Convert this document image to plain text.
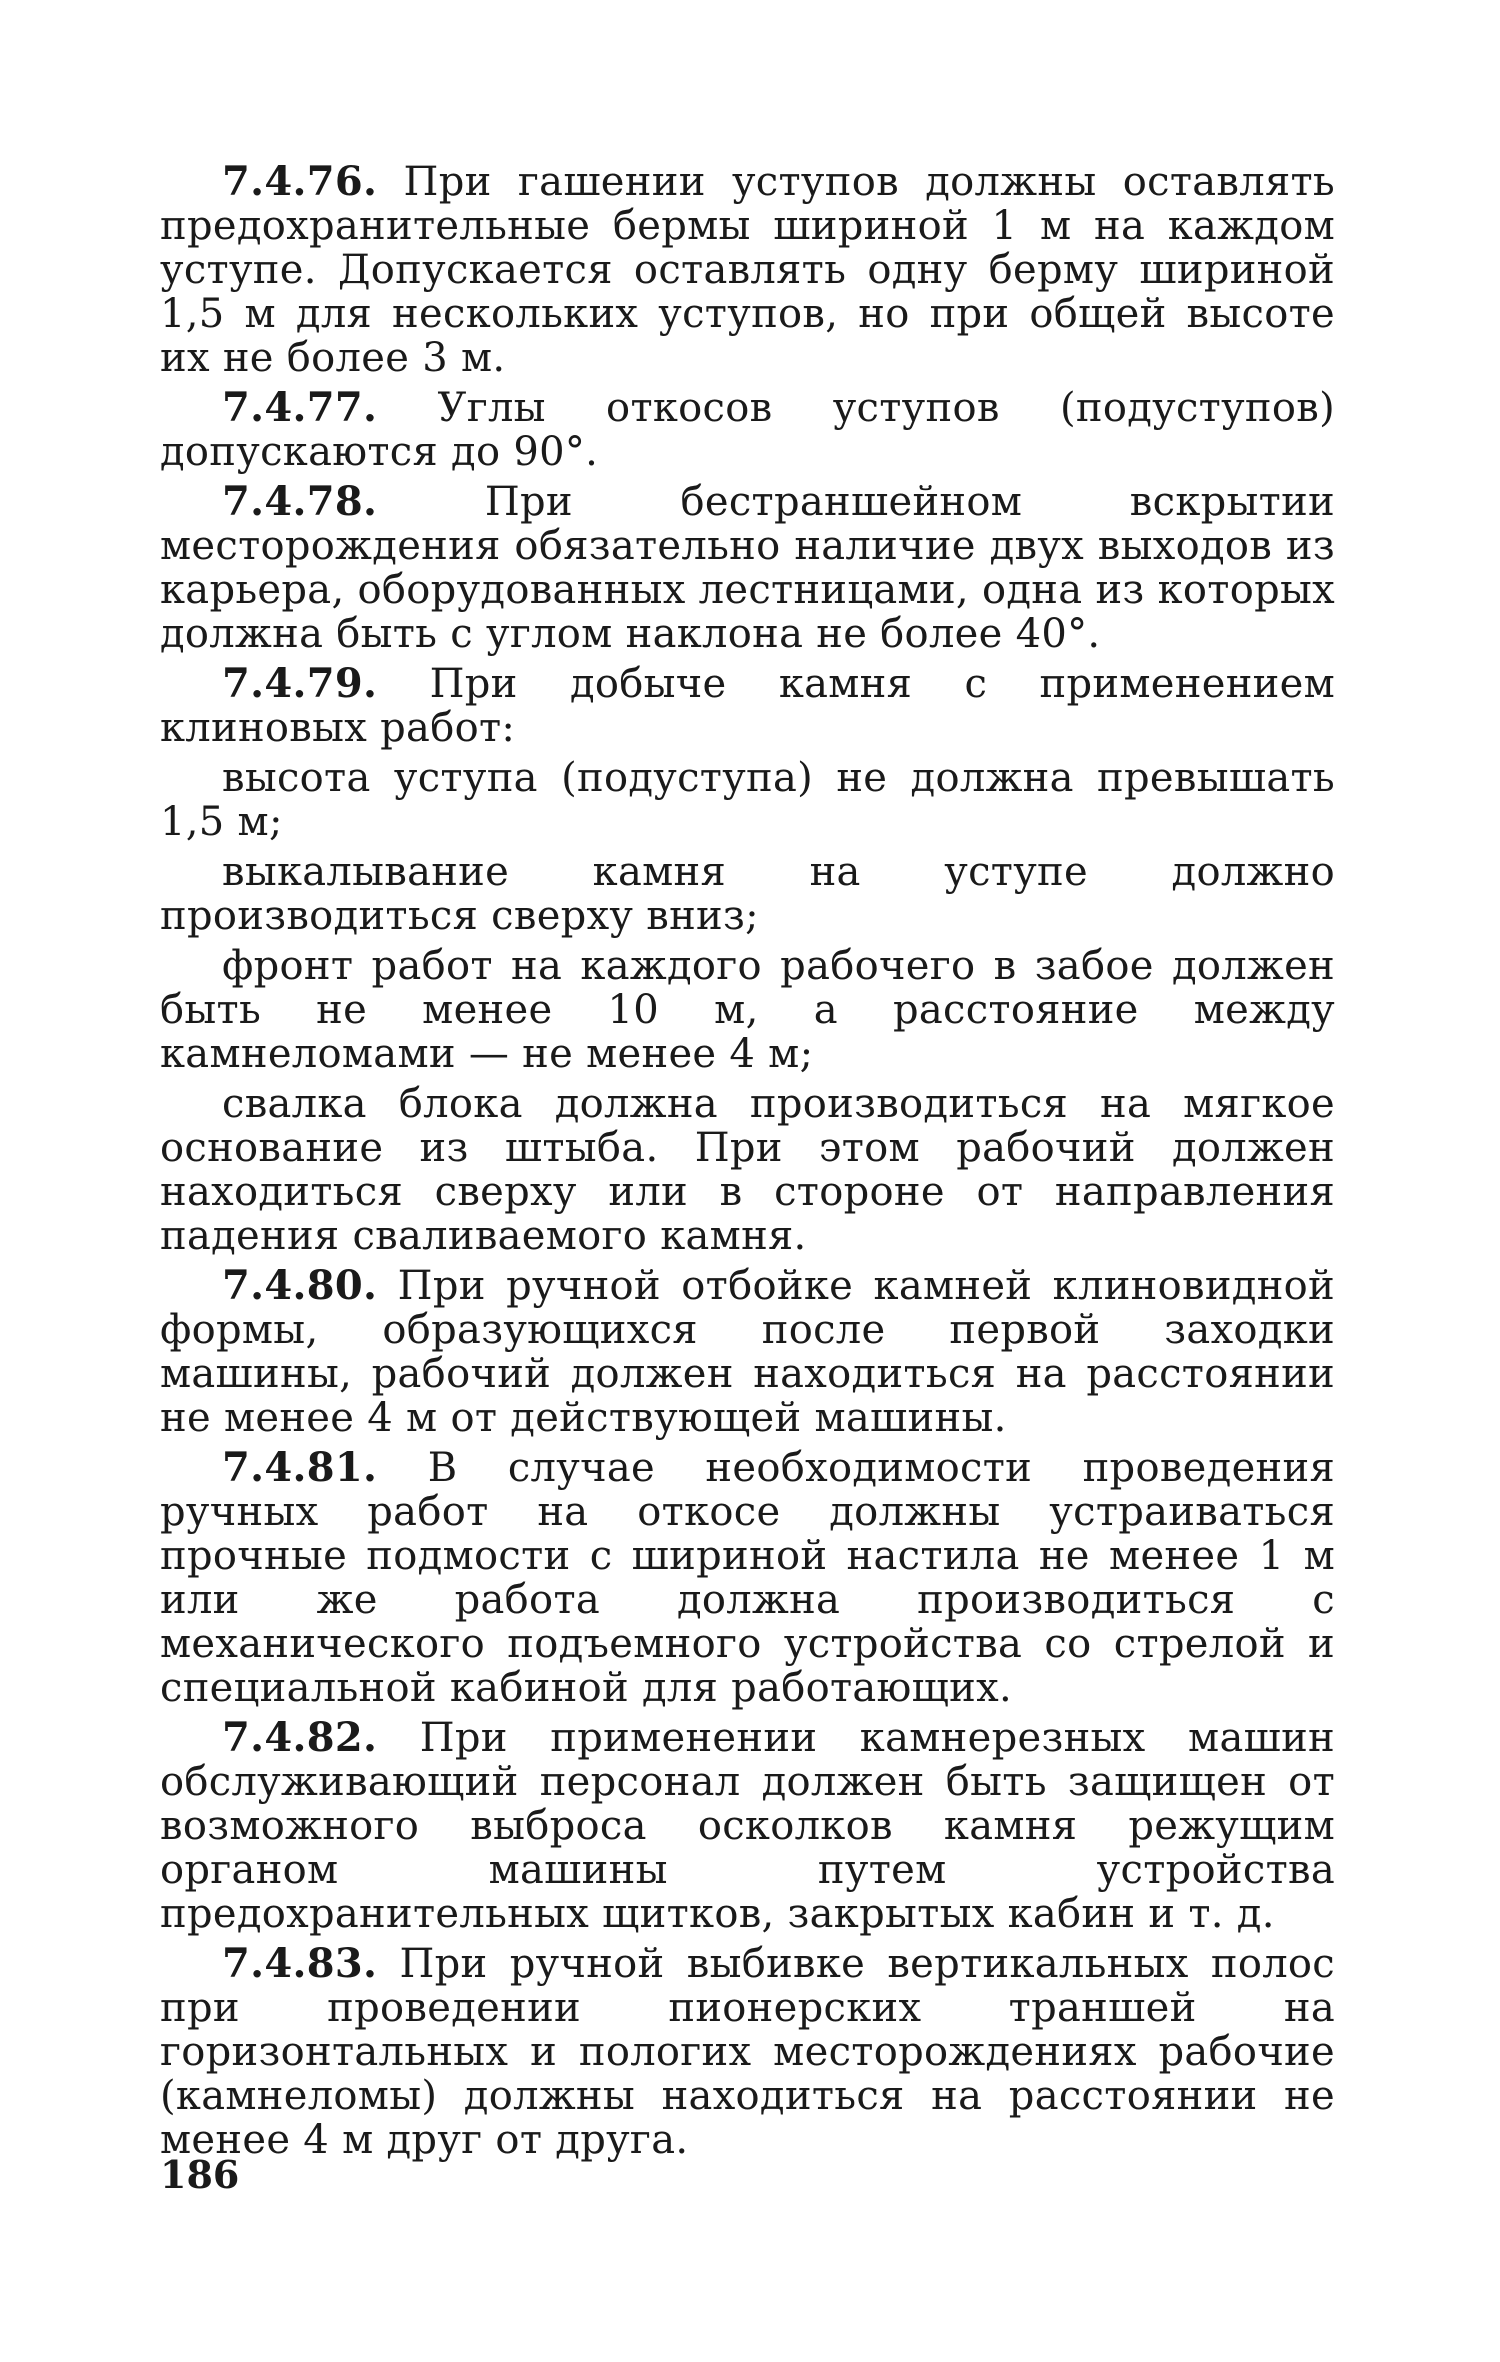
7.4.76. При гашении уступов должны оставлять предохранительные бермы шириной 1 м на каждом уступе. Допускается оставлять одну берму шириной 1,5 м для нескольких уступов, но при общей высоте их не более 3 м.

7.4.77. Углы откосов уступов (подуступов) допускаются до 90°.

7.4.78.	При бестраншейном вскрытии месторождения обязательно наличие двух выходов из карьера, оборудованных лестницами, одна из которых должна быть с углом наклона не более 40°.

7.4.79. При добыче камня с применением клиновых работ:

высота уступа (подуступа) не должна превышать 1,5 м;

выкалывание камня на уступе должно производиться сверху вниз;

фронт работ на каждого рабочего в забое должен быть не менее 10 м, а расстояние между камнеломами — не менее 4 м;

свалка блока должна производиться на мягкое основание из штыба. При этом рабочий должен находиться сверху или в стороне от направления падения сваливаемого камня.

7.4.80. При ручной отбойке камней клиновидной формы, образующихся после первой заходки машины, рабочий должен находиться на расстоянии не менее 4 м от действующей машины.

7.4.81. В случае необходимости проведения ручных работ на откосе должны устраиваться прочные подмости с шириной настила не менее 1 м или же работа должна производиться с механического подъемного устройства со стрелой и специальной кабиной для работающих.

7.4.82. При применении камнерезных машин обслуживающий персонал должен быть защищен от возможного выброса осколков камня режущим органом машины путем устройства предохранительных щитков, закрытых кабин и т. д.

7.4.83. При ручной выбивке вертикальных полос при проведении пионерских траншей на горизонтальных и пологих месторождениях рабочие (камнеломы) должны находиться на расстоянии не менее 4 м друг от друга.

186
